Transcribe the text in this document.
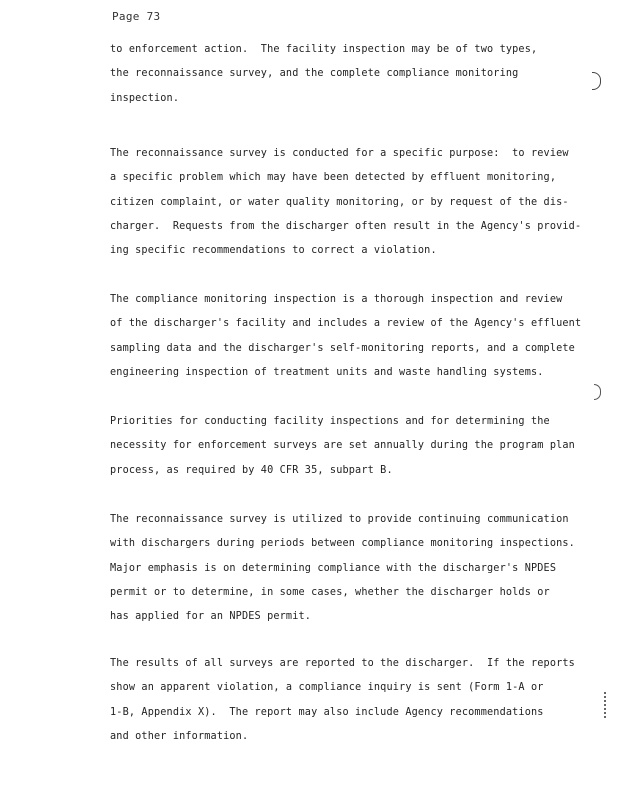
Page 73
to enforcement action.  The facility inspection may be of two types,
the reconnaissance survey, and the complete compliance monitoring
inspection.
The reconnaissance survey is conducted for a specific purpose:  to review
a specific problem which may have been detected by effluent monitoring,
citizen complaint, or water quality monitoring, or by request of the dis-
charger.  Requests from the discharger often result in the Agency's provid-
ing specific recommendations to correct a violation.
The compliance monitoring inspection is a thorough inspection and review
of the discharger's facility and includes a review of the Agency's effluent
sampling data and the discharger's self-monitoring reports, and a complete
engineering inspection of treatment units and waste handling systems.
Priorities for conducting facility inspections and for determining the
necessity for enforcement surveys are set annually during the program plan
process, as required by 40 CFR 35, subpart B.
The reconnaissance survey is utilized to provide continuing communication
with dischargers during periods between compliance monitoring inspections.
Major emphasis is on determining compliance with the discharger's NPDES
permit or to determine, in some cases, whether the discharger holds or
has applied for an NPDES permit.
The results of all surveys are reported to the discharger.  If the reports
show an apparent violation, a compliance inquiry is sent (Form 1-A or
1-B, Appendix X).  The report may also include Agency recommendations
and other information.
